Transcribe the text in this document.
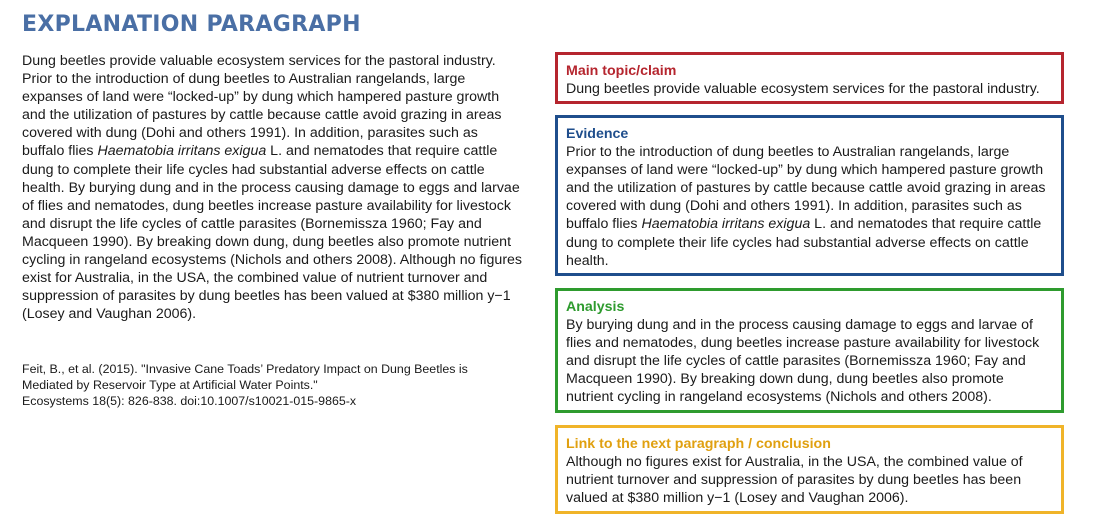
EXPLANATION PARAGRAPH

Dung beetles provide valuable ecosystem services for the pastoral industry. Prior to the introduction of dung beetles to Australian rangelands, large expanses of land were “locked-up” by dung which hampered pasture growth and the utilization of pastures by cattle because cattle avoid grazing in areas covered with dung (Dohi and others 1991). In addition, parasites such as buffalo flies Haematobia irritans exigua L. and nematodes that require cattle dung to complete their life cycles had substantial adverse effects on cattle health. By burying dung and in the process causing damage to eggs and larvae of flies and nematodes, dung beetles increase pasture availability for livestock and disrupt the life cycles of cattle parasites (Bornemissza 1960; Fay and Macqueen 1990). By breaking down dung, dung beetles also promote nutrient cycling in rangeland ecosystems (Nichols and others 2008). Although no figures exist for Australia, in the USA, the combined value of nutrient turnover and suppression of parasites by dung beetles has been valued at $380 million y−1 (Losey and Vaughan 2006).

Feit, B., et al. (2015). "Invasive Cane Toads’ Predatory Impact on Dung Beetles is
Mediated by Reservoir Type at Artificial Water Points."
Ecosystems 18(5): 826-838. doi:10.1007/s10021-015-9865-x

Main topic/claim
Dung beetles provide valuable ecosystem services for the pastoral industry.
Evidence
Prior to the introduction of dung beetles to Australian rangelands, large expanses of land were “locked-up” by dung which hampered pasture growth and the utilization of pastures by cattle because cattle avoid grazing in areas covered with dung (Dohi and others 1991). In addition, parasites such as buffalo flies Haematobia irritans exigua L. and nematodes that require cattle dung to complete their life cycles had substantial adverse effects on cattle health.
Analysis
By burying dung and in the process causing damage to eggs and larvae of flies and nematodes, dung beetles increase pasture availability for livestock and disrupt the life cycles of cattle parasites (Bornemissza 1960; Fay and Macqueen 1990). By breaking down dung, dung beetles also promote nutrient cycling in rangeland ecosystems (Nichols and others 2008).
Link to the next paragraph / conclusion
Although no figures exist for Australia, in the USA, the combined value of nutrient turnover and suppression of parasites by dung beetles has been valued at $380 million y−1 (Losey and Vaughan 2006).
